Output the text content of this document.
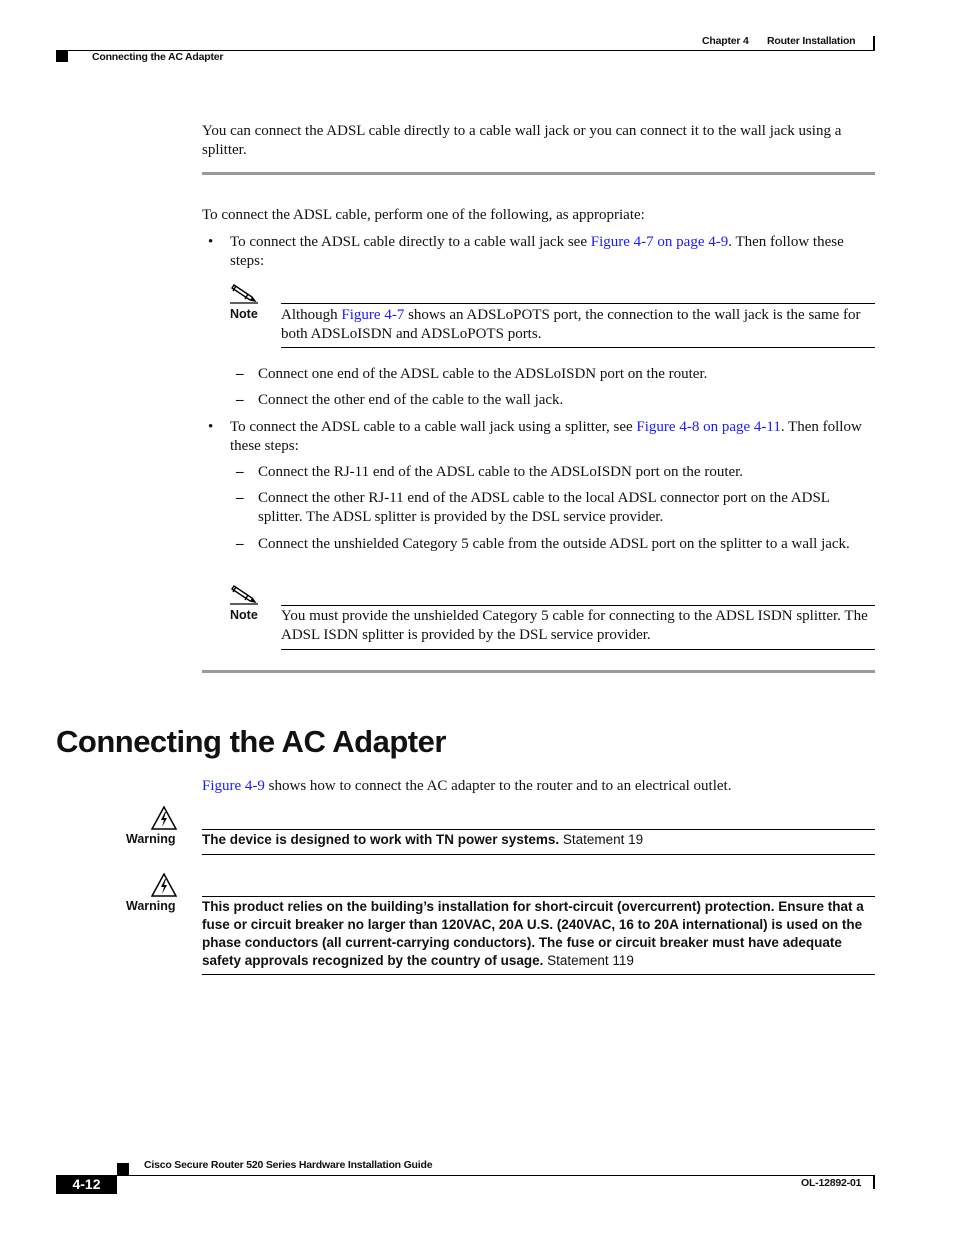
Chapter 4 Router Installation
Connecting the AC Adapter
You can connect the ADSL cable directly to a cable wall jack or you can connect it to the wall jack using a splitter.
To connect the ADSL cable, perform one of the following, as appropriate:
• To connect the ADSL cable directly to a cable wall jack see Figure 4-7 on page 4-9. Then follow these steps:
Note Although Figure 4-7 shows an ADSLoPOTS port, the connection to the wall jack is the same for both ADSLoISDN and ADSLoPOTS ports.
– Connect one end of the ADSL cable to the ADSLoISDN port on the router.
– Connect the other end of the cable to the wall jack.
• To connect the ADSL cable to a cable wall jack using a splitter, see Figure 4-8 on page 4-11. Then follow these steps:
– Connect the RJ-11 end of the ADSL cable to the ADSLoISDN port on the router.
– Connect the other RJ-11 end of the ADSL cable to the local ADSL connector port on the ADSL splitter. The ADSL splitter is provided by the DSL service provider.
– Connect the unshielded Category 5 cable from the outside ADSL port on the splitter to a wall jack.
Note You must provide the unshielded Category 5 cable for connecting to the ADSL ISDN splitter. The ADSL ISDN splitter is provided by the DSL service provider.
Connecting the AC Adapter
Figure 4-9 shows how to connect the AC adapter to the router and to an electrical outlet.
Warning The device is designed to work with TN power systems. Statement 19
Warning This product relies on the building’s installation for short-circuit (overcurrent) protection. Ensure that a fuse or circuit breaker no larger than 120VAC, 20A U.S. (240VAC, 16 to 20A international) is used on the phase conductors (all current-carrying conductors). The fuse or circuit breaker must have adequate safety approvals recognized by the country of usage. Statement 119
Cisco Secure Router 520 Series Hardware Installation Guide
4-12	OL-12892-01
